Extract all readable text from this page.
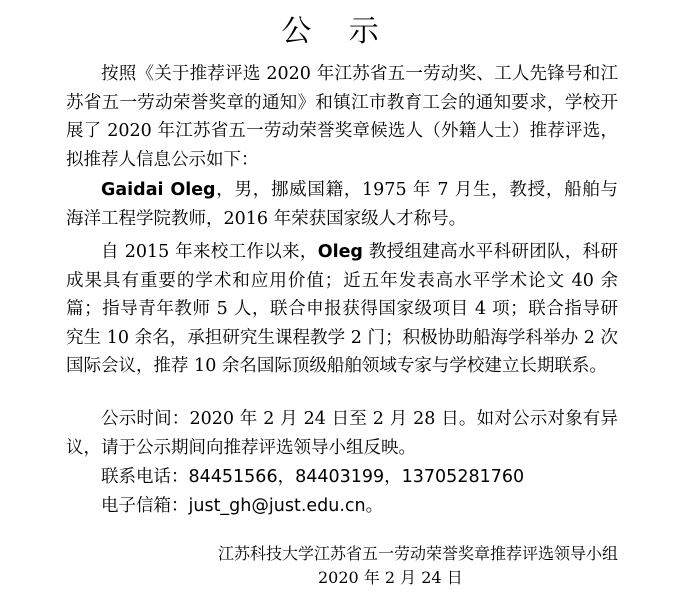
公 示

按照《关于推荐评选 2020 年江苏省五一劳动奖、工人先锋号和江苏省五一劳动荣誉奖章的通知》和镇江市教育工会的通知要求，学校开展了 2020 年江苏省五一劳动荣誉奖章候选人（外籍人士）推荐评选，拟推荐人信息公示如下：

Gaidai Oleg，男，挪威国籍，1975 年 7 月生，教授，船舶与海洋工程学院教师，2016 年荣获国家级人才称号。

自 2015 年来校工作以来，Oleg 教授组建高水平科研团队，科研成果具有重要的学术和应用价值；近五年发表高水平学术论文 40 余篇；指导青年教师 5 人，联合申报获得国家级项目 4 项；联合指导研究生 10 余名，承担研究生课程教学 2 门；积极协助船海学科举办 2 次国际会议，推荐 10 余名国际顶级船舶领域专家与学校建立长期联系。

公示时间：2020 年 2 月 24 日至 2 月 28 日。如对公示对象有异议，请于公示期间向推荐评选领导小组反映。

联系电话：84451566，84403199，13705281760
电子信箱：just_gh@just.edu.cn。
江苏科技大学江苏省五一劳动荣誉奖章推荐评选领导小组
2020 年 2 月 24 日
